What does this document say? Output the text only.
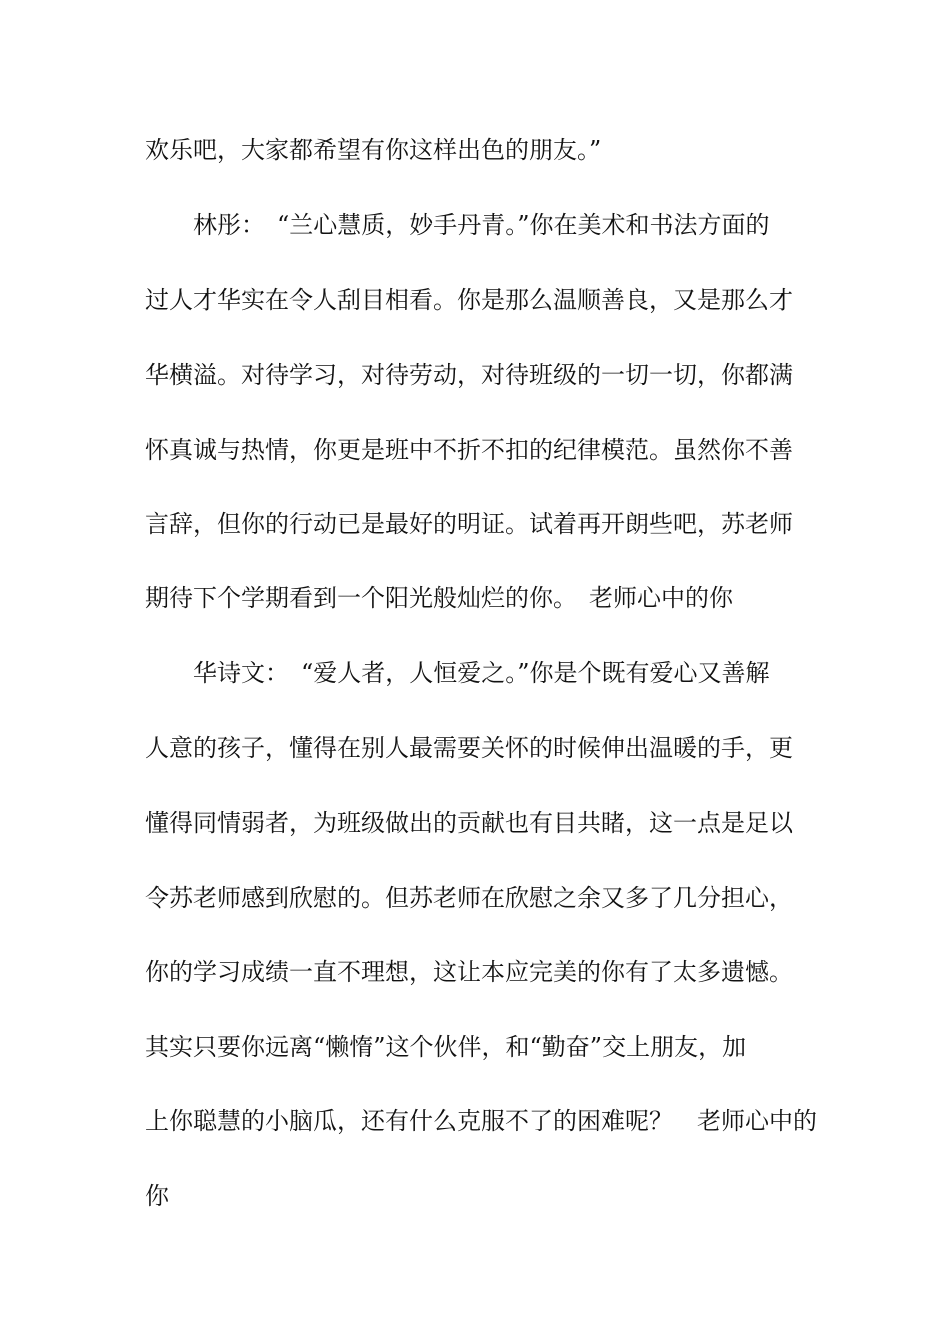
欢乐吧，大家都希望有你这样出色的朋友。”
林彤：　“兰心慧质，妙手丹青。”你在美术和书法方面的
过人才华实在令人刮目相看。你是那么温顺善良，又是那么才
华横溢。对待学习，对待劳动，对待班级的一切一切，你都满
怀真诚与热情，你更是班中不折不扣的纪律模范。虽然你不善
言辞，但你的行动已是最好的明证。试着再开朗些吧，苏老师
期待下个学期看到一个阳光般灿烂的你。　老师心中的你
华诗文：　“爱人者，人恒爱之。”你是个既有爱心又善解
人意的孩子，懂得在别人最需要关怀的时候伸出温暖的手，更
懂得同情弱者，为班级做出的贡献也有目共睹，这一点是足以
令苏老师感到欣慰的。但苏老师在欣慰之余又多了几分担心，
你的学习成绩一直不理想，这让本应完美的你有了太多遗憾。
其实只要你远离“懒惰”这个伙伴，和“勤奋”交上朋友，加
上你聪慧的小脑瓜，还有什么克服不了的困难呢？　老师心中的
你
